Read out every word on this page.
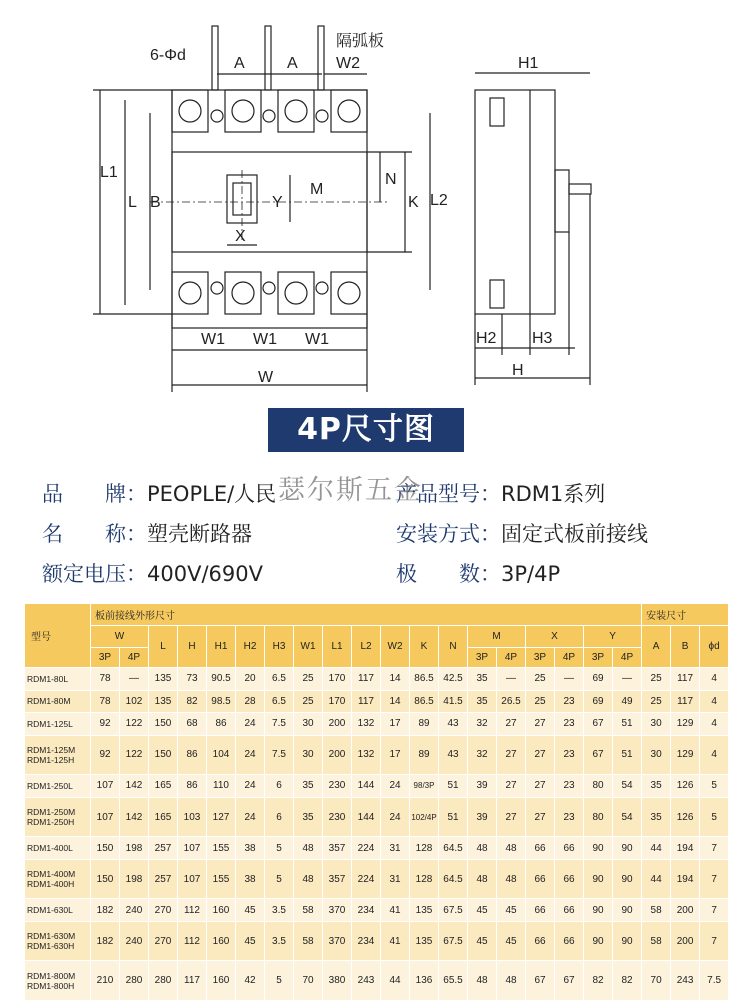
6-Φd
隔弧板
A	A W2
L1
L B
N
K L2
Y
M
X
W1 W1 W1
W
H1
H2 H3
H
4P尺寸图
品　　牌：PEOPLE/人民	产品型号：RDM1系列
名　　称：塑壳断路器	安装方式：固定式板前接线
额定电压：400V/690V	极　　数：3P/4P
瑟尔斯五金
型号	板前接线外形尺寸																			安装尺寸		
	W		L	H	H1	H2	H3	W1	L1	L2	W2	K	N	M		X		Y		A	B	ϕd
	3P	4P												3P	4P	3P	4P	3P	4P			
RDM1-80L	78	—	135	73	90.5	20	6.5	25	170	117	14	86.5	42.5	35	—	25	—	69	—	25	117	4
RDM1-80M	78	102	135	82	98.5	28	6.5	25	170	117	14	86.5	41.5	35	26.5	25	23	69	49	25	117	4
RDM1-125L	92	122	150	68	86	24	7.5	30	200	132	17	89	43	32	27	27	23	67	51	30	129	4
RDM1-125M
RDM1-125H	92	122	150	86	104	24	7.5	30	200	132	17	89	43	32	27	27	23	67	51	30	129	4
RDM1-250L	107	142	165	86	110	24	6	35	230	144	24	98/3P	51	39	27	27	23	80	54	35	126	5
RDM1-250M
RDM1-250H	107	142	165	103	127	24	6	35	230	144	24	102/4P	51	39	27	27	23	80	54	35	126	5
RDM1-400L	150	198	257	107	155	38	5	48	357	224	31	128	64.5	48	48	66	66	90	90	44	194	7
RDM1-400M
RDM1-400H	150	198	257	107	155	38	5	48	357	224	31	128	64.5	48	48	66	66	90	90	44	194	7
RDM1-630L	182	240	270	112	160	45	3.5	58	370	234	41	135	67.5	45	45	66	66	90	90	58	200	7
RDM1-630M
RDM1-630H	182	240	270	112	160	45	3.5	58	370	234	41	135	67.5	45	45	66	66	90	90	58	200	7
RDM1-800M
RDM1-800H	210	280	280	117	160	42	5	70	380	243	44	136	65.5	48	48	67	67	82	82	70	243	7.5
